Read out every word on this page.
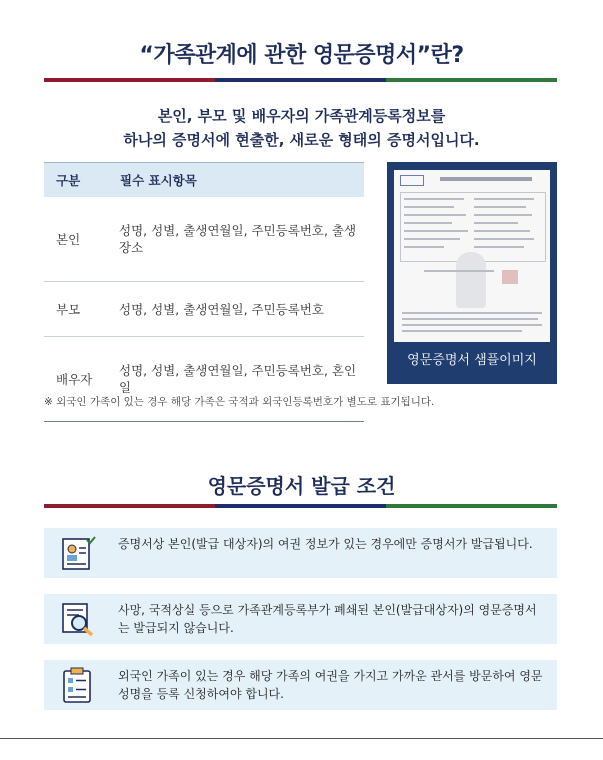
“가족관계에 관한 영문증명서”란?
본인, 부모 및 배우자의 가족관계등록정보를
하나의 증명서에 현출한, 새로운 형태의 증명서입니다.
구분	필수 표시항목
본인	성명, 성별, 출생연월일, 주민등록번호, 출생장소
부모	성명, 성별, 출생연월일, 주민등록번호
배우자	성명, 성별, 출생연월일, 주민등록번호, 혼인일
영문증명서 샘플이미지
※ 외국인 가족이 있는 경우 해당 가족은 국적과 외국인등록번호가 별도로 표기됩니다.
영문증명서 발급 조건
증명서상 본인(발급 대상자)의 여권 정보가 있는 경우에만 증명서가 발급됩니다.
사망, 국적상실 등으로 가족관계등록부가 폐쇄된 본인(발급대상자)의 영문증명서는 발급되지 않습니다.
외국인 가족이 있는 경우 해당 가족의 여권을 가지고 가까운 관서를 방문하여 영문성명을 등록 신청하여야 합니다.
